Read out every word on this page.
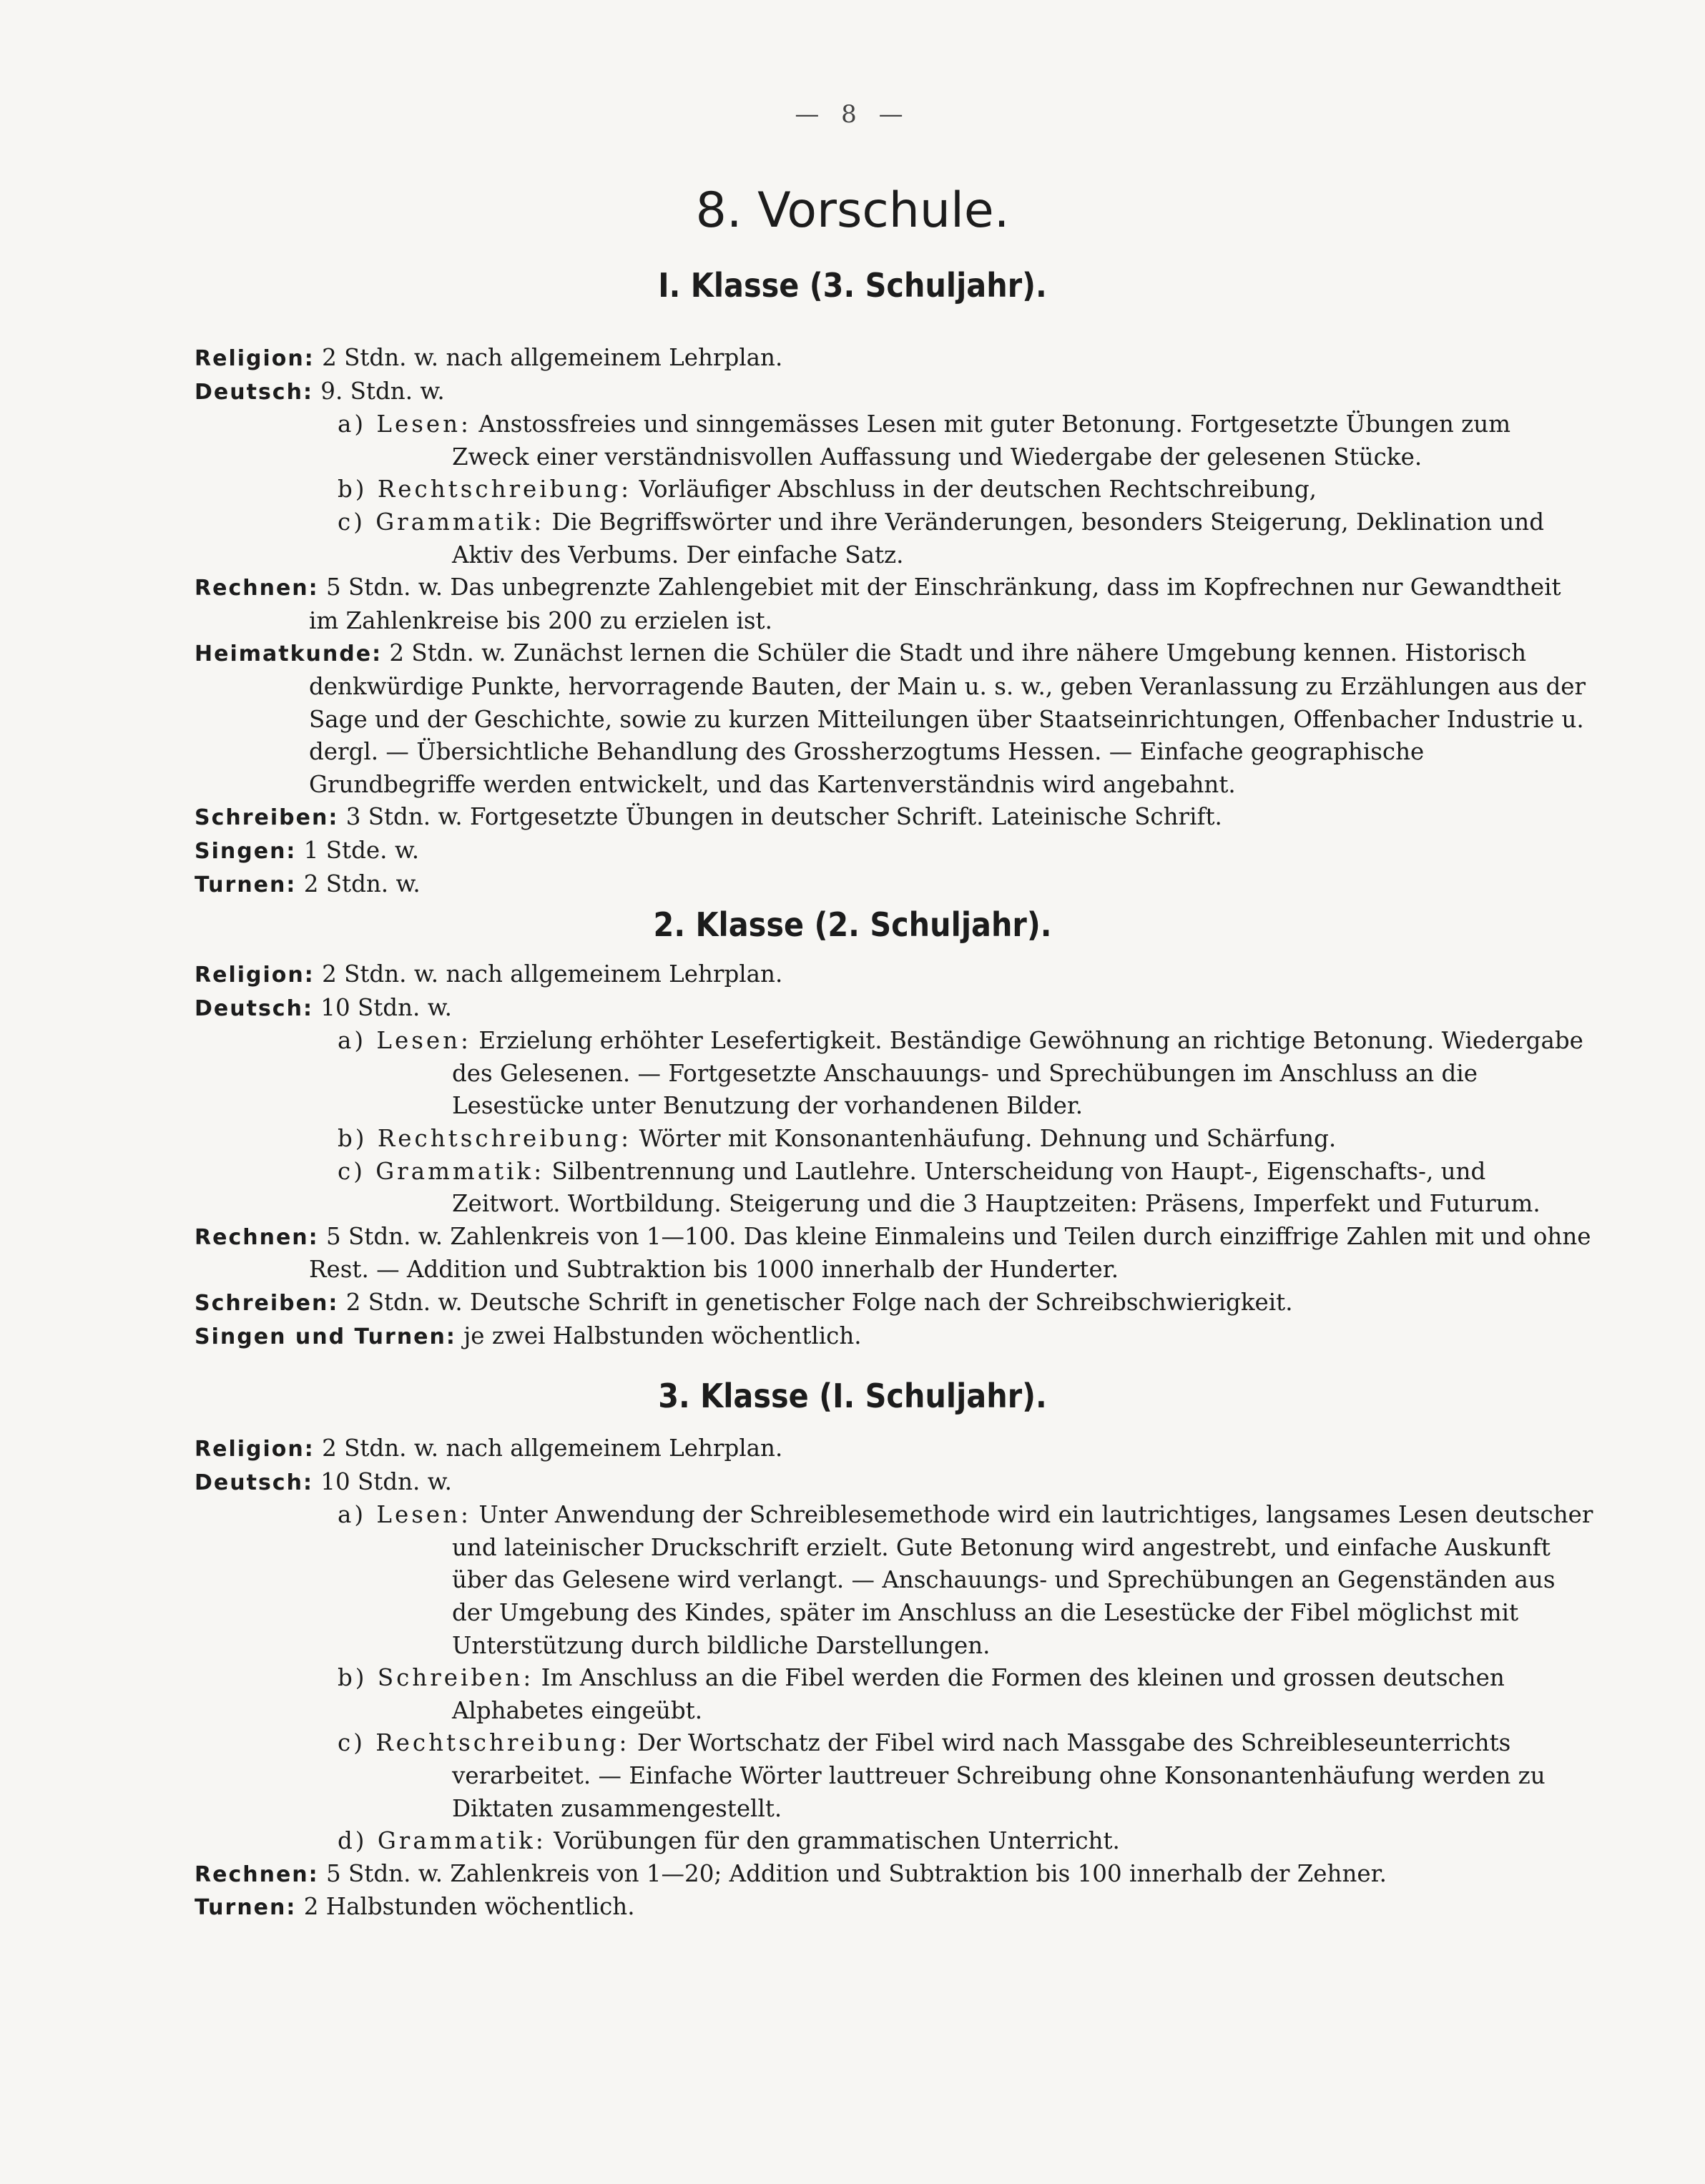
— 8 —
8. Vorschule.
I. Klasse (3. Schuljahr).
Religion: 2 Stdn. w. nach allgemeinem Lehrplan.
Deutsch: 9. Stdn. w.
a) Lesen: Anstossfreies und sinngemässes Lesen mit guter Betonung. Fortgesetzte Übungen zum Zweck einer verständnisvollen Auffassung und Wiedergabe der gelesenen Stücke.
b) Rechtschreibung: Vorläufiger Abschluss in der deutschen Rechtschreibung,
c) Grammatik: Die Begriffswörter und ihre Veränderungen, besonders Steigerung, Deklination und Aktiv des Verbums. Der einfache Satz.
Rechnen: 5 Stdn. w. Das unbegrenzte Zahlengebiet mit der Einschränkung, dass im Kopfrechnen nur Gewandtheit im Zahlenkreise bis 200 zu erzielen ist.
Heimatkunde: 2 Stdn. w. Zunächst lernen die Schüler die Stadt und ihre nähere Umgebung kennen. Historisch denkwürdige Punkte, hervorragende Bauten, der Main u. s. w., geben Veranlassung zu Erzählungen aus der Sage und der Geschichte, sowie zu kurzen Mitteilungen über Staatseinrichtungen, Offenbacher Industrie u. dergl. — Übersichtliche Behandlung des Grossherzogtums Hessen. — Einfache geographische Grundbegriffe werden entwickelt, und das Kartenverständnis wird angebahnt.
Schreiben: 3 Stdn. w. Fortgesetzte Übungen in deutscher Schrift. Lateinische Schrift.
Singen: 1 Stde. w.
Turnen: 2 Stdn. w.
2. Klasse (2. Schuljahr).
Religion: 2 Stdn. w. nach allgemeinem Lehrplan.
Deutsch: 10 Stdn. w.
a) Lesen: Erzielung erhöhter Lesefertigkeit. Beständige Gewöhnung an richtige Betonung. Wiedergabe des Gelesenen. — Fortgesetzte Anschauungs- und Sprechübungen im Anschluss an die Lesestücke unter Benutzung der vorhandenen Bilder.
b) Rechtschreibung: Wörter mit Konsonantenhäufung. Dehnung und Schärfung.
c) Grammatik: Silbentrennung und Lautlehre. Unterscheidung von Haupt-, Eigenschafts-, und Zeitwort. Wortbildung. Steigerung und die 3 Hauptzeiten: Präsens, Imperfekt und Futurum.
Rechnen: 5 Stdn. w. Zahlenkreis von 1—100. Das kleine Einmaleins und Teilen durch einziffrige Zahlen mit und ohne Rest. — Addition und Subtraktion bis 1000 innerhalb der Hunderter.
Schreiben: 2 Stdn. w. Deutsche Schrift in genetischer Folge nach der Schreibschwierigkeit.
Singen und Turnen: je zwei Halbstunden wöchentlich.
3. Klasse (I. Schuljahr).
Religion: 2 Stdn. w. nach allgemeinem Lehrplan.
Deutsch: 10 Stdn. w.
a) Lesen: Unter Anwendung der Schreiblesemethode wird ein lautrichtiges, langsames Lesen deutscher und lateinischer Druckschrift erzielt. Gute Betonung wird angestrebt, und einfache Auskunft über das Gelesene wird verlangt. — Anschauungs- und Sprechübungen an Gegenständen aus der Umgebung des Kindes, später im Anschluss an die Lesestücke der Fibel möglichst mit Unterstützung durch bildliche Darstellungen.
b) Schreiben: Im Anschluss an die Fibel werden die Formen des kleinen und grossen deutschen Alphabetes eingeübt.
c) Rechtschreibung: Der Wortschatz der Fibel wird nach Massgabe des Schreibleseunterrichts verarbeitet. — Einfache Wörter lauttreuer Schreibung ohne Konsonantenhäufung werden zu Diktaten zusammengestellt.
d) Grammatik: Vorübungen für den grammatischen Unterricht.
Rechnen: 5 Stdn. w. Zahlenkreis von 1—20; Addition und Subtraktion bis 100 innerhalb der Zehner.
Turnen: 2 Halbstunden wöchentlich.
